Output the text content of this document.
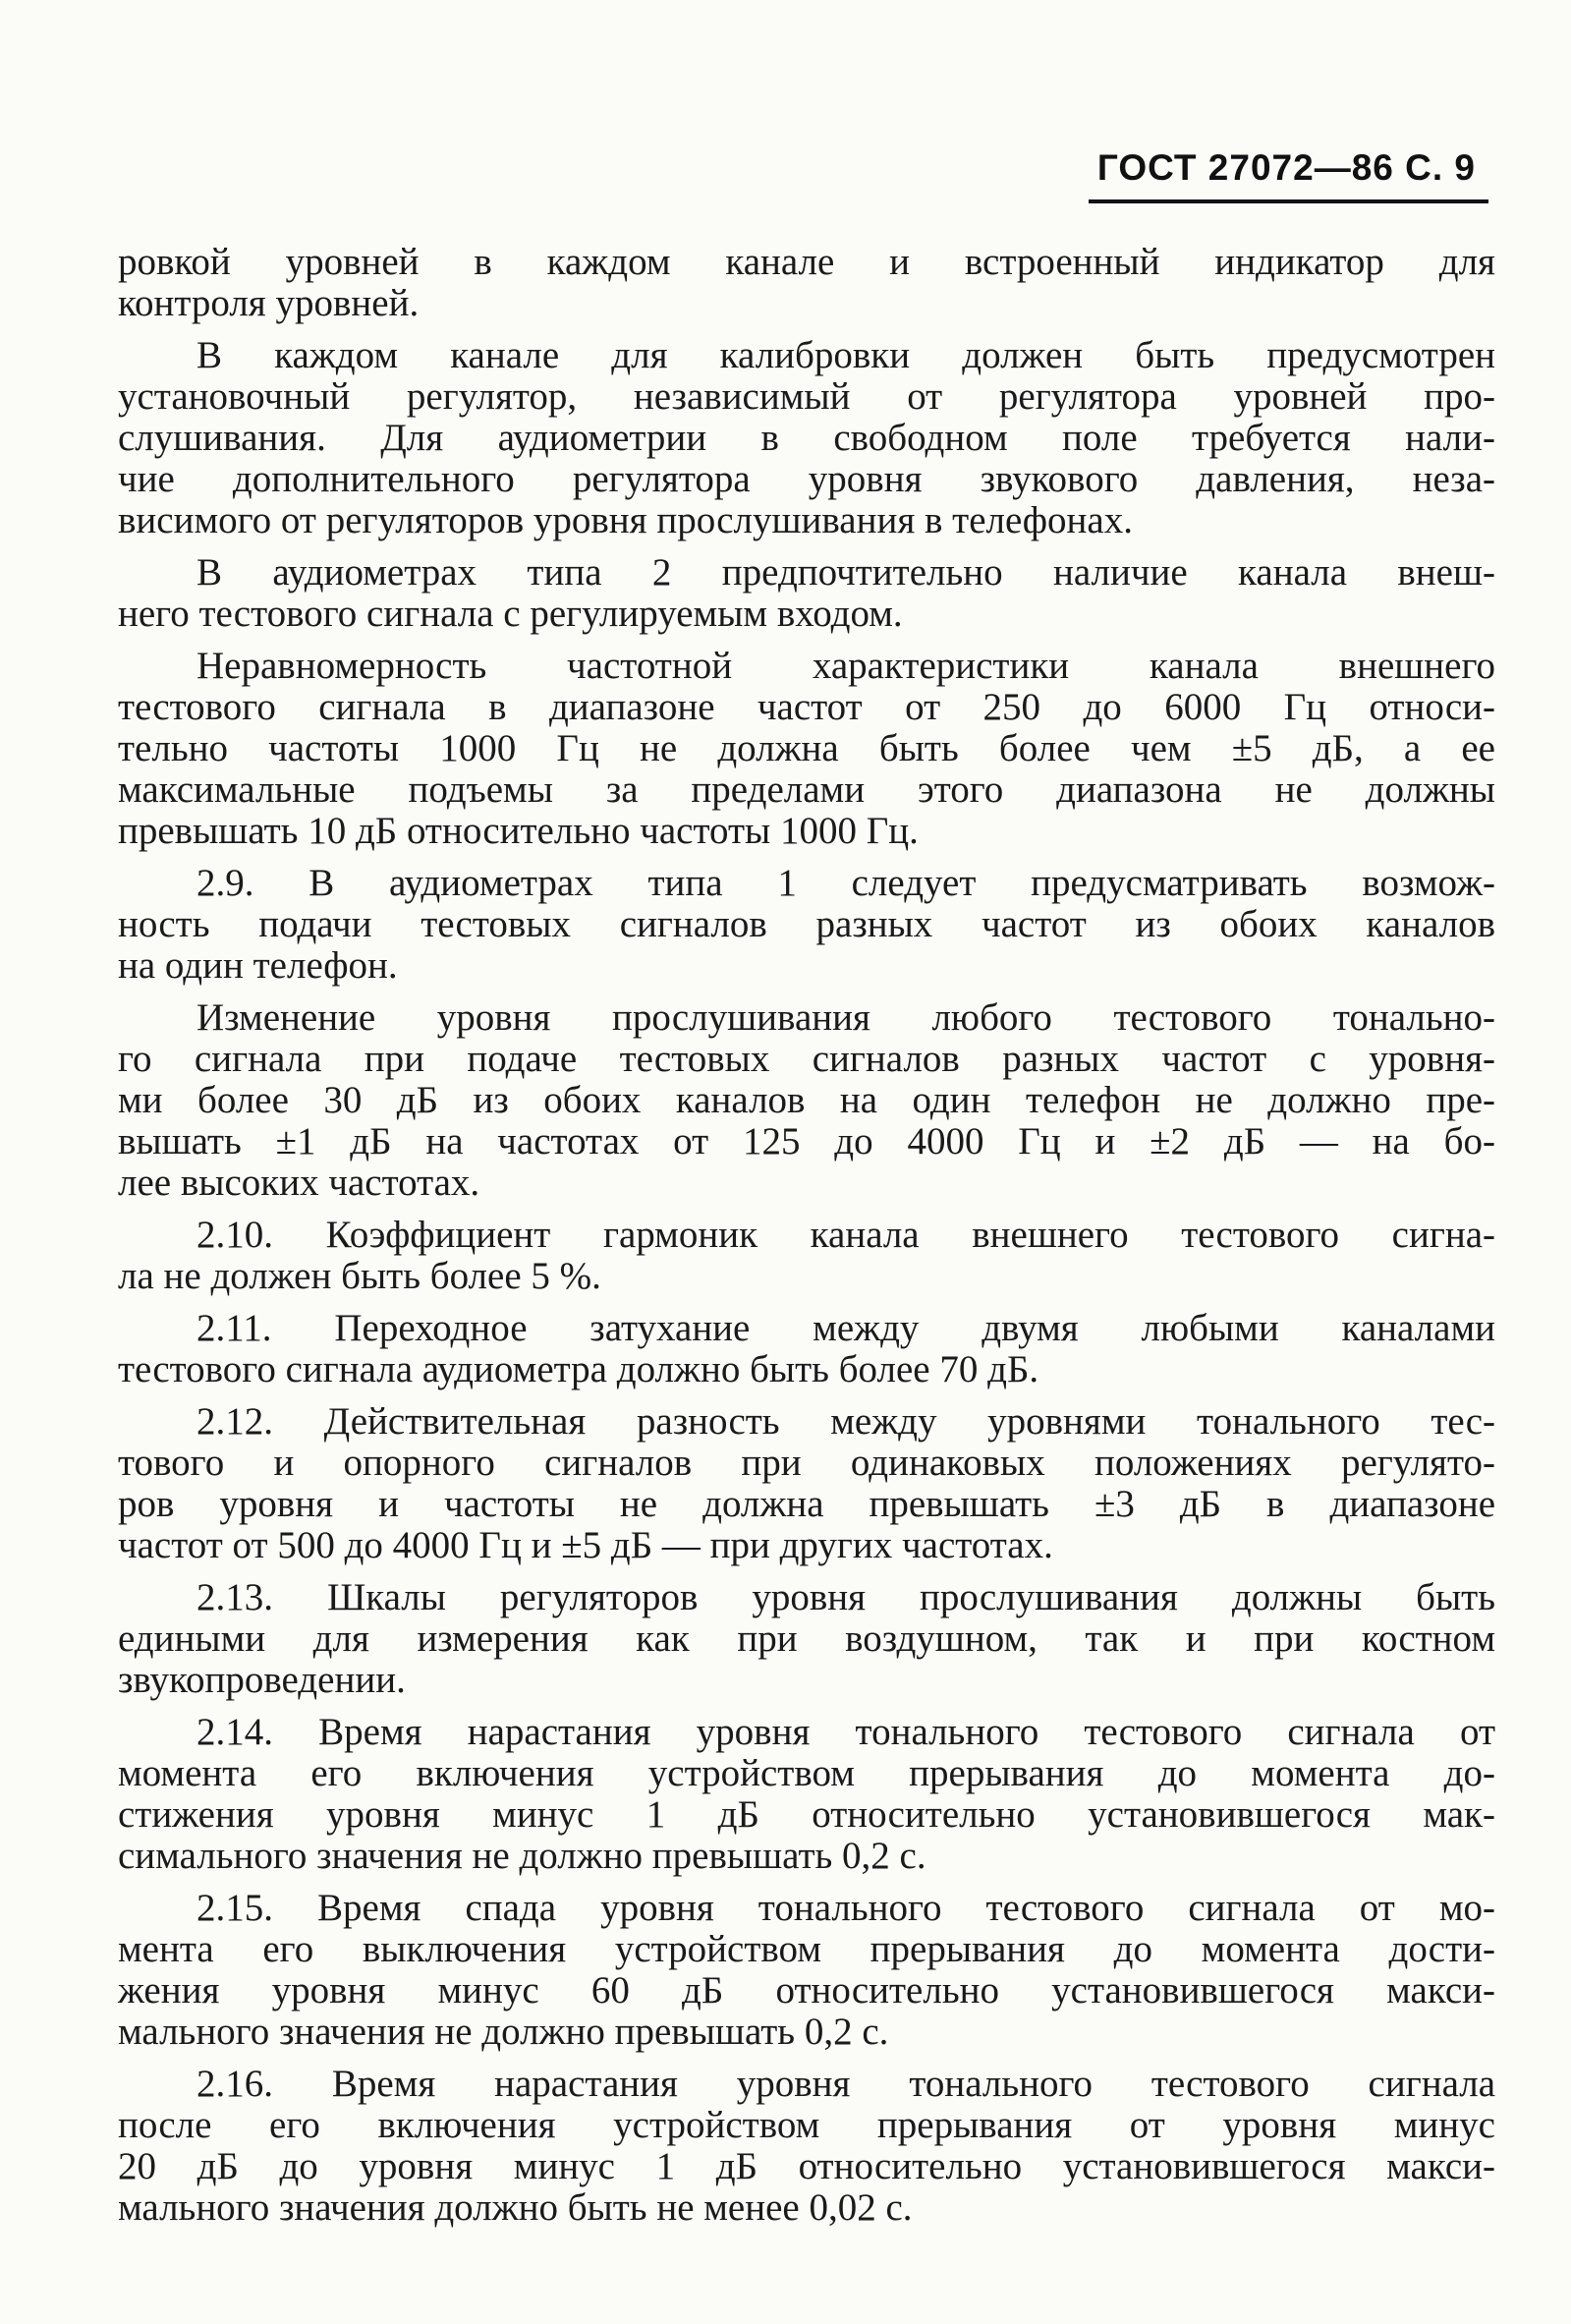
ГОСТ 27072—86 С. 9
ровкой уровней в каждом канале и встроенный индикатор для
контроля уровней.
В каждом канале для калибровки должен быть предусмотрен
установочный регулятор, независимый от регулятора уровней про-
слушивания. Для аудиометрии в свободном поле требуется нали-
чие дополнительного регулятора уровня звукового давления, неза-
висимого от регуляторов уровня прослушивания в телефонах.
В аудиометрах типа 2 предпочтительно наличие канала внеш-
него тестового сигнала с регулируемым входом.
Неравномерность частотной характеристики канала внешнего
тестового сигнала в диапазоне частот от 250 до 6000 Гц относи-
тельно частоты 1000 Гц не должна быть более чем ±5 дБ, а ее
максимальные подъемы за пределами этого диапазона не должны
превышать 10 дБ относительно частоты 1000 Гц.
2.9. В аудиометрах типа 1 следует предусматривать возмож-
ность подачи тестовых сигналов разных частот из обоих каналов
на один телефон.
Изменение уровня прослушивания любого тестового тонально-
го сигнала при подаче тестовых сигналов разных частот с уровня-
ми более 30 дБ из обоих каналов на один телефон не должно пре-
вышать ±1 дБ на частотах от 125 до 4000 Гц и ±2 дБ — на бо-
лее высоких частотах.
2.10. Коэффициент гармоник канала внешнего тестового сигна-
ла не должен быть более 5 %.
2.11. Переходное затухание между двумя любыми каналами
тестового сигнала аудиометра должно быть более 70 дБ.
2.12. Действительная разность между уровнями тонального тес-
тового и опорного сигналов при одинаковых положениях регулято-
ров уровня и частоты не должна превышать ±3 дБ в диапазоне
частот от 500 до 4000 Гц и ±5 дБ — при других частотах.
2.13. Шкалы регуляторов уровня прослушивания должны быть
едиными для измерения как при воздушном, так и при костном
звукопроведении.
2.14. Время нарастания уровня тонального тестового сигнала от
момента его включения устройством прерывания до момента до-
стижения уровня минус 1 дБ относительно установившегося мак-
симального значения не должно превышать 0,2 с.
2.15. Время спада уровня тонального тестового сигнала от мо-
мента его выключения устройством прерывания до момента дости-
жения уровня минус 60 дБ относительно установившегося макси-
мального значения не должно превышать 0,2 с.
2.16. Время нарастания уровня тонального тестового сигнала
после его включения устройством прерывания от уровня минус
20 дБ до уровня минус 1 дБ относительно установившегося макси-
мального значения должно быть не менее 0,02 с.
